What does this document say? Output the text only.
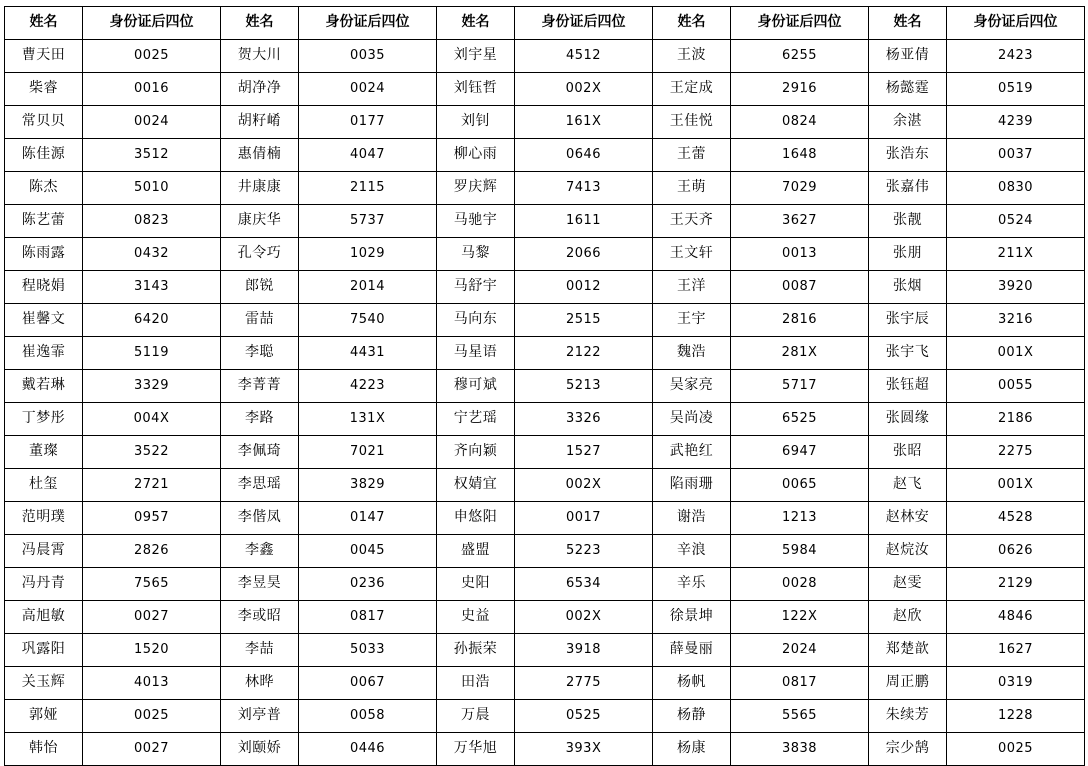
姓名	身份证后四位	姓名	身份证后四位	姓名	身份证后四位	姓名	身份证后四位	姓名	身份证后四位
曹天田	0025	贺大川	0035	刘宇星	4512	王波	6255	杨亚倩	2423
柴睿	0016	胡净净	0024	刘钰哲	002X	王定成	2916	杨懿霆	0519
常贝贝	0024	胡籽崤	0177	刘钊	161X	王佳悦	0824	余湛	4239
陈佳源	3512	惠倩楠	4047	柳心雨	0646	王蕾	1648	张浩东	0037
陈杰	5010	井康康	2115	罗庆辉	7413	王萌	7029	张嘉伟	0830
陈艺蕾	0823	康庆华	5737	马驰宇	1611	王天齐	3627	张靓	0524
陈雨露	0432	孔令巧	1029	马黎	2066	王文轩	0013	张朋	211X
程晓娟	3143	郎锐	2014	马舒宇	0012	王洋	0087	张烟	3920
崔馨文	6420	雷喆	7540	马向东	2515	王宇	2816	张宇辰	3216
崔逸霏	5119	李聪	4431	马星语	2122	魏浩	281X	张宇飞	001X
戴若琳	3329	李菁菁	4223	穆可斌	5213	吴家亮	5717	张钰超	0055
丁梦彤	004X	李路	131X	宁艺瑶	3326	吴尚凌	6525	张圆缘	2186
董璨	3522	李佩琦	7021	齐向颖	1527	武艳红	6947	张昭	2275
杜玺	2721	李思瑶	3829	权婧宜	002X	陷雨珊	0065	赵飞	001X
范明璞	0957	李偕凤	0147	申悠阳	0017	谢浩	1213	赵林安	4528
冯晨霄	2826	李鑫	0045	盛盟	5223	辛浪	5984	赵烷汝	0626
冯丹青	7565	李昱昊	0236	史阳	6534	辛乐	0028	赵雯	2129
高旭敏	0027	李或昭	0817	史益	002X	徐景坤	122X	赵欣	4846
巩露阳	1520	李喆	5033	孙振荣	3918	薛曼丽	2024	郑楚歆	1627
关玉辉	4013	林晔	0067	田浩	2775	杨帆	0817	周正鹏	0319
郭娅	0025	刘亭普	0058	万晨	0525	杨静	5565	朱续芳	1228
韩怡	0027	刘颐娇	0446	万华旭	393X	杨康	3838	宗少鹄	0025
